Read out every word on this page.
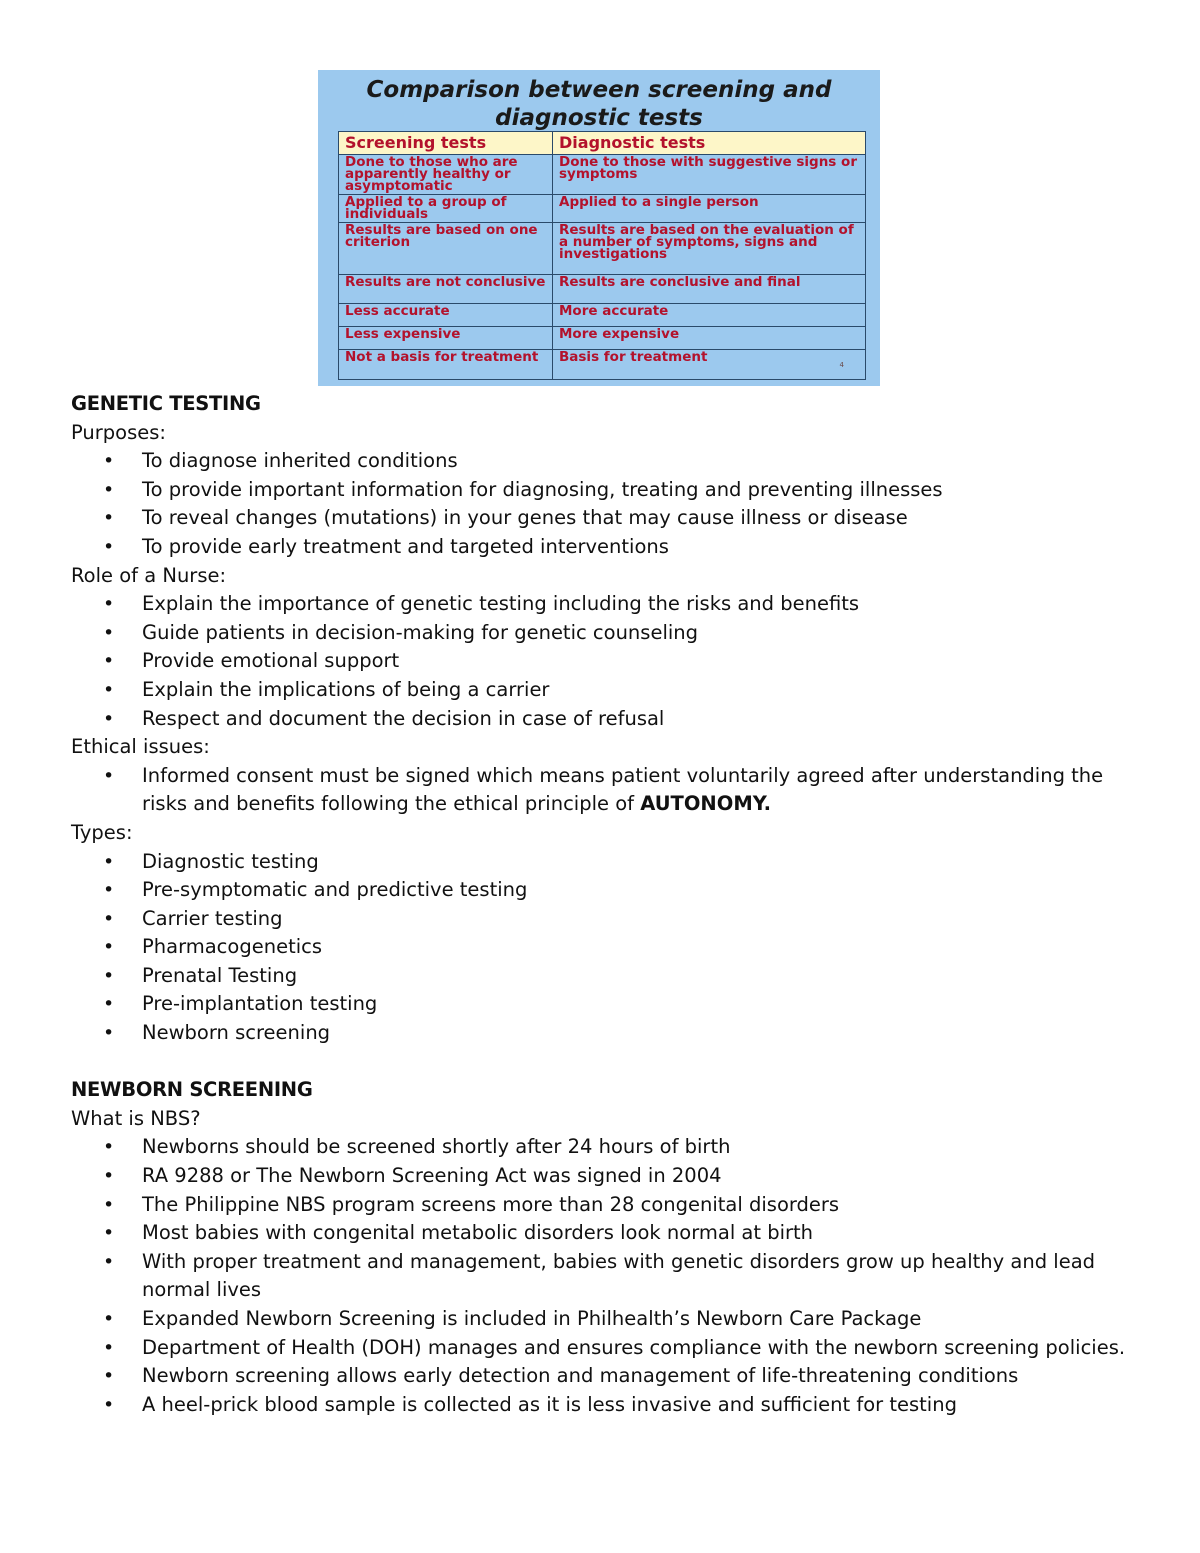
Comparison between screening and
diagnostic tests
Screening tests	Diagnostic tests
Done to those who are apparently healthy or asymptomatic	Done to those with suggestive signs or symptoms
Applied to a group of individuals	Applied to a single person
Results are based on one criterion	Results are based on the evaluation of a number of symptoms, signs and investigations
Results are not conclusive	Results are conclusive and final
Less accurate	More accurate
Less expensive	More expensive
Not a basis for treatment	Basis for treatment	4
GENETIC TESTING
Purposes:
• To diagnose inherited conditions
• To provide important information for diagnosing, treating and preventing illnesses
• To reveal changes (mutations) in your genes that may cause illness or disease
• To provide early treatment and targeted interventions
Role of a Nurse:
• Explain the importance of genetic testing including the risks and benefits
• Guide patients in decision-making for genetic counseling
• Provide emotional support
• Explain the implications of being a carrier
• Respect and document the decision in case of refusal
Ethical issues:
• Informed consent must be signed which means patient voluntarily agreed after understanding the risks and benefits following the ethical principle of AUTONOMY.
Types:
• Diagnostic testing
• Pre-symptomatic and predictive testing
• Carrier testing
• Pharmacogenetics
• Prenatal Testing
• Pre-implantation testing
• Newborn screening
NEWBORN SCREENING
What is NBS?
• Newborns should be screened shortly after 24 hours of birth
• RA 9288 or The Newborn Screening Act was signed in 2004
• The Philippine NBS program screens more than 28 congenital disorders
• Most babies with congenital metabolic disorders look normal at birth
• With proper treatment and management, babies with genetic disorders grow up healthy and lead normal lives
• Expanded Newborn Screening is included in Philhealth’s Newborn Care Package
• Department of Health (DOH) manages and ensures compliance with the newborn screening policies.
• Newborn screening allows early detection and management of life-threatening conditions
• A heel-prick blood sample is collected as it is less invasive and sufficient for testing
